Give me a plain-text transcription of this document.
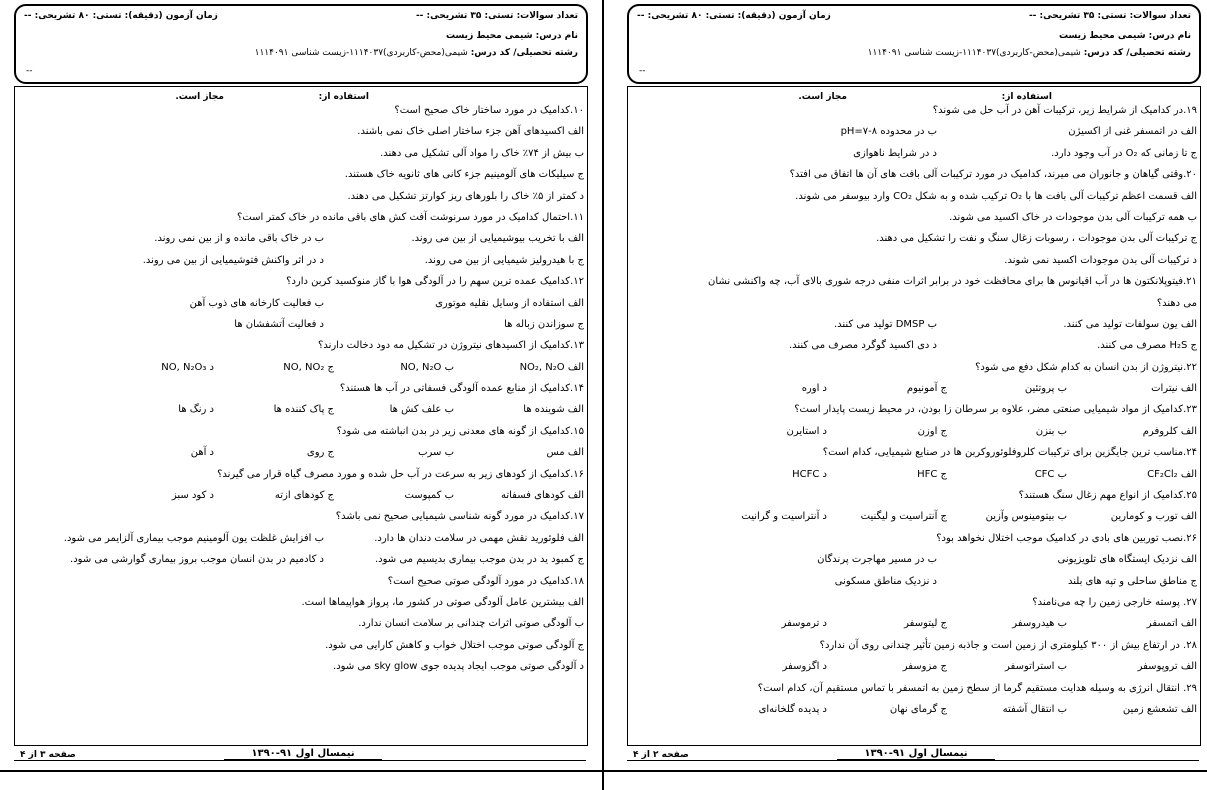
تعداد سوالات: تستی: ۳۵ تشریحی: --
زمان آزمون (دقیقه): تستی: ۸۰ تشریحی: --
نام درس: شیمی محیط زیست
رشته تحصیلی/ کد درس: شیمی(محض-کاربردی)۱۱۱۴۰۳۷-زیست شناسی ۱۱۱۴۰۹۱
--
استفاده از:
مجاز است.
۱۰.کدامیک در مورد ساختار خاک صحیح است؟
الف اکسیدهای آهن جزء ساختار اصلی خاک نمی باشند.
ب بیش از ۷۴٪ خاک را مواد آلی تشکیل می دهند.
ج سیلیکات های آلومینیم جزء کانی های ثانویه خاک هستند.
د کمتر از ۵٪ خاک را بلورهای ریز کوارتز تشکیل می دهند.
۱۱.احتمال کدامیک در مورد سرنوشت آفت کش های باقی مانده در خاک کمتر است؟
الف با تخریب بیوشیمیایی از بین می روند.
ب در خاک باقی مانده و از بین نمی روند.
ج با هیدرولیز شیمیایی از بین می روند.
د در اثر واکنش فتوشیمیایی از بین می روند.
۱۲.کدامیک عمده ترین سهم را در آلودگی هوا با گاز منوکسید کربن دارد؟
الف استفاده از وسایل نقلیه موتوری
ب فعالیت کارخانه های ذوب آهن
ج سوزاندن زباله ها
د فعالیت آتشفشان ها
۱۳.کدامیک از اکسیدهای نیتروژن در تشکیل مه دود دخالت دارند؟
الف NO₂, N₂O
ب NO, N₂O
ج NO, NO₂
د NO, N₂O₃
۱۴.کدامیک از منابع عمده آلودگی فسفاتی در آب ها هستند؟
الف شوینده ها
ب علف کش ها
ج پاک کننده ها
د رنگ ها
۱۵.کدامیک از گونه های معدنی زیر در بدن انباشته می شود؟
الف مس
ب سرب
ج روی
د آهن
۱۶.کدامیک از کودهای زیر به سرعت در آب حل شده و مورد مصرف گیاه قرار می گیرند؟
الف کودهای فسفاته
ب کمپوست
ج کودهای ازته
د کود سبز
۱۷.کدامیک در مورد گونه شناسی شیمیایی صحیح نمی باشد؟
الف فلوئورید نقش مهمی در سلامت دندان ها دارد.
ب افزایش غلظت یون آلومینیم موجب بیماری آلزایمر می شود.
ج کمبود ید در بدن موجب بیماری بدیسیم می شود.
د کادمیم در بدن انسان موجب بروز بیماری گوارشی می شود.
۱۸.کدامیک در مورد آلودگی صوتی صحیح است؟
الف بیشترین عامل آلودگی صوتی در کشور ما، پرواز هواپیماها است.
ب آلودگی صوتی اثرات چندانی بر سلامت انسان ندارد.
ج آلودگی صوتی موجب اختلال خواب و کاهش کارایی می شود.
د آلودگی صوتی موجب ایجاد پدیده جوی sky glow می شود.
نیمسال اول ۹۱-۱۳۹۰
صفحه ۳ از ۴
تعداد سوالات: تستی: ۳۵ تشریحی: --
زمان آزمون (دقیقه): تستی: ۸۰ تشریحی: --
نام درس: شیمی محیط زیست
رشته تحصیلی/ کد درس: شیمی(محض-کاربردی)۱۱۱۴۰۳۷-زیست شناسی ۱۱۱۴۰۹۱
--
استفاده از:
مجاز است.
۱۹.در کدامیک از شرایط زیر، ترکیبات آهن در آب حل می شوند؟
الف در اتمسفر غنی از اکسیژن
ب در محدوده pH=۷-۸
ج تا زمانی که O₂ در آب وجود دارد.
د در شرایط ناهوازی
۲۰.وقتی گیاهان و جانوران می میرند، کدامیک در مورد ترکیبات آلی بافت های آن ها اتفاق می افتد؟
الف قسمت اعظم ترکیبات آلی بافت ها با O₂ ترکیب شده و به شکل CO₂ وارد بیوسفر می شوند.
ب همه ترکیبات آلی بدن موجودات در خاک اکسید می شوند.
ج ترکیبات آلی بدن موجودات ، رسوبات زغال سنگ و نفت را تشکیل می دهند.
د ترکیبات آلی بدن موجودات اکسید نمی شوند.
۲۱.فیتوپلانکتون ها در آب اقیانوس ها برای محافظت خود در برابر اثرات منفی درجه شوری بالای آب، چه واکنشی نشان
می دهند؟
الف یون سولفات تولید می کنند.
ب DMSP تولید می کنند.
ج H₂S مصرف می کنند.
د دی اکسید گوگرد مصرف می کنند.
۲۲.نیتروژن از بدن انسان به کدام شکل دفع می شود؟
الف نیترات
ب پروتئین
ج آمونیوم
د اوره
۲۳.کدامیک از مواد شیمیایی صنعتی مضر، علاوه بر سرطان زا بودن، در محیط زیست پایدار است؟
الف کلروفرم
ب بنزن
ج اوزن
د استایرن
۲۴.مناسب ترین جایگزین برای ترکیبات کلروفلوئوروکربن ها در صنایع شیمیایی، کدام است؟
الف CF₂Cl₂
ب CFC
ج HFC
د HCFC
۲۵.کدامیک از انواع مهم زغال سنگ هستند؟
الف تورب و کومارین
ب بیتومینوس وآزین
ج آنتراسیت و لیگنیت
د آنتراسیت و گرانیت
۲۶.نصب توربین های بادی در کدامیک موجب اختلال نخواهد بود؟
الف نزدیک ایستگاه های تلویزیونی
ب در مسیر مهاجرت پرندگان
ج مناطق ساحلی و تپه های بلند
د نزدیک مناطق مسکونی
۲۷. پوسته خارجی زمین را چه می‌نامند؟
الف اتمسفر
ب هیدروسفر
ج لیتوسفر
د ترموسفر
۲۸. در ارتفاع بیش از ۳۰۰ کیلومتری از زمین است و جاذبه زمین تأثیر چندانی روی آن ندارد؟
الف تروپوسفر
ب استراتوسفر
ج مزوسفر
د اگزوسفر
۲۹. انتقال انرژی به وسیله هدایت مستقیم گرما از سطح زمین به اتمسفر با تماس مستقیم آن، کدام است؟
الف تشعشع زمین
ب انتقال آشفته
ج گرمای نهان
د پدیده گلخانه‌ای
نیمسال اول ۹۱-۱۳۹۰
صفحه ۲ از ۴
